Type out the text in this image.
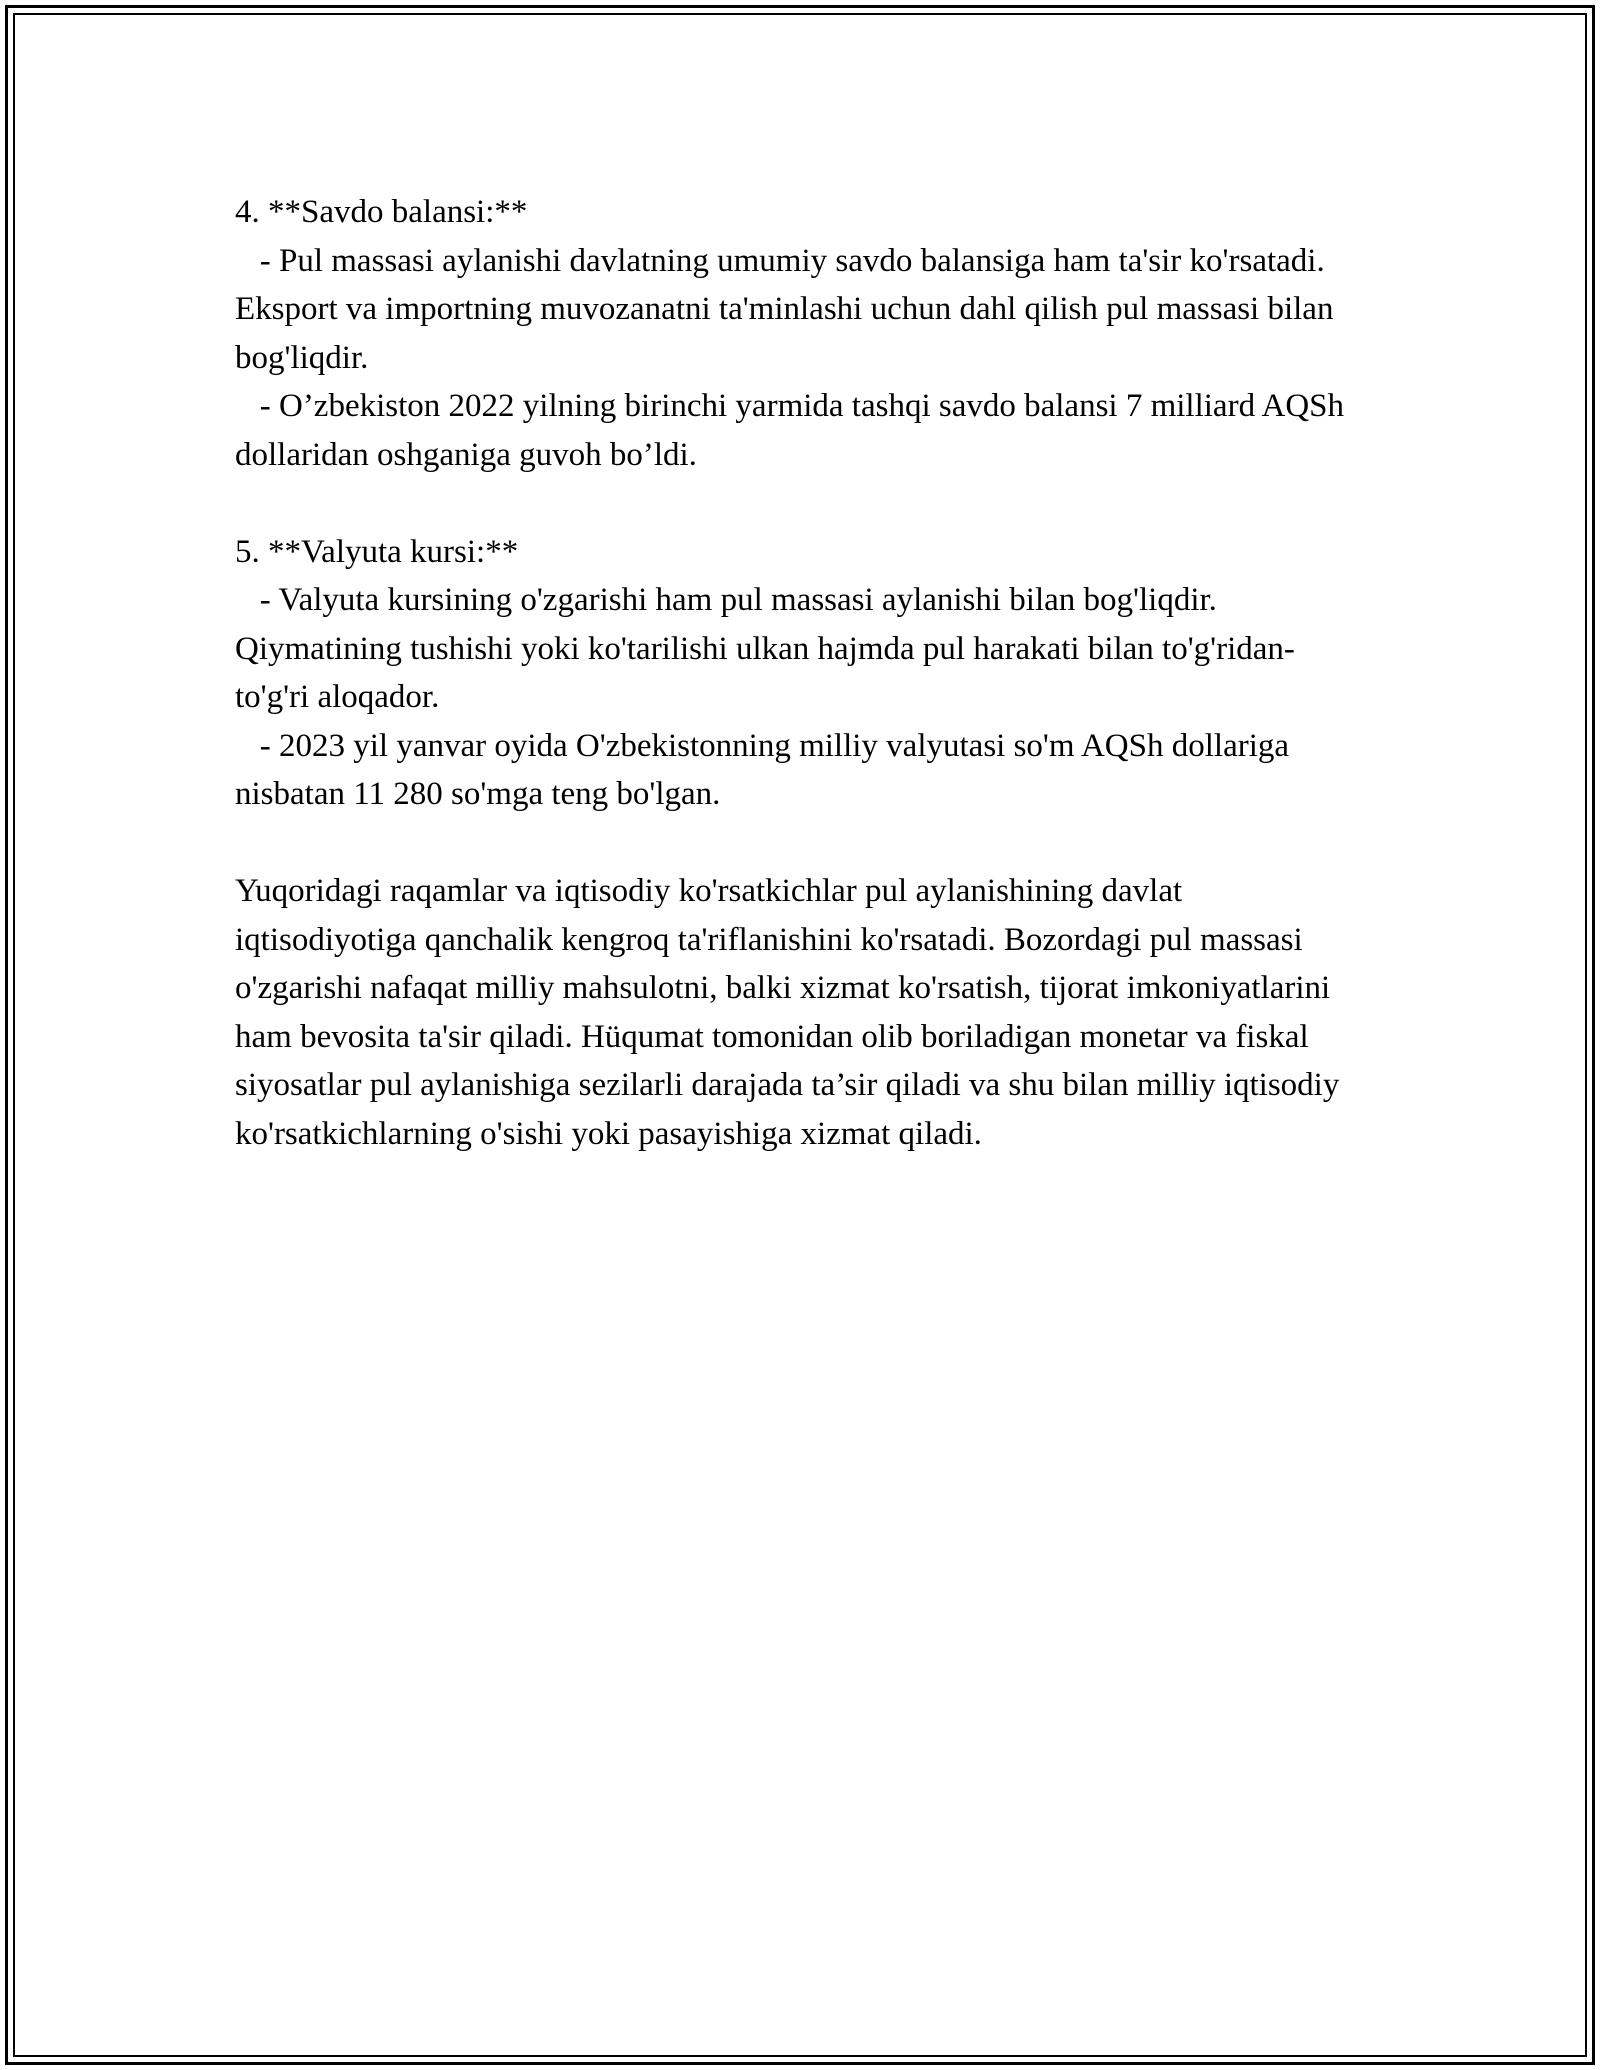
4. **Savdo balansi:**

- Pul massasi aylanishi davlatning umumiy savdo balansiga ham ta'sir ko'rsatadi. Eksport va importning muvozanatni ta'minlashi uchun dahl qilish pul massasi bilan bog'liqdir.

- O’zbekiston 2022 yilning birinchi yarmida tashqi savdo balansi 7 milliard AQSh dollaridan oshganiga guvoh bo’ldi.

5. **Valyuta kursi:**

- Valyuta kursining o'zgarishi ham pul massasi aylanishi bilan bog'liqdir. Qiymatining tushishi yoki ko'tarilishi ulkan hajmda pul harakati bilan to'g'ridan-to'g'ri aloqador.

- 2023 yil yanvar oyida O'zbekistonning milliy valyutasi so'm AQSh dollariga nisbatan 11 280 so'mga teng bo'lgan.

Yuqoridagi raqamlar va iqtisodiy ko'rsatkichlar pul aylanishining davlat iqtisodiyotiga qanchalik kengroq ta'riflanishini ko'rsatadi. Bozordagi pul massasi o'zgarishi nafaqat milliy mahsulotni, balki xizmat ko'rsatish, tijorat imkoniyatlarini ham bevosita ta'sir qiladi. Hüqumat tomonidan olib boriladigan monetar va fiskal siyosatlar pul aylanishiga sezilarli darajada ta’sir qiladi va shu bilan milliy iqtisodiy ko'rsatkichlarning o'sishi yoki pasayishiga xizmat qiladi.
